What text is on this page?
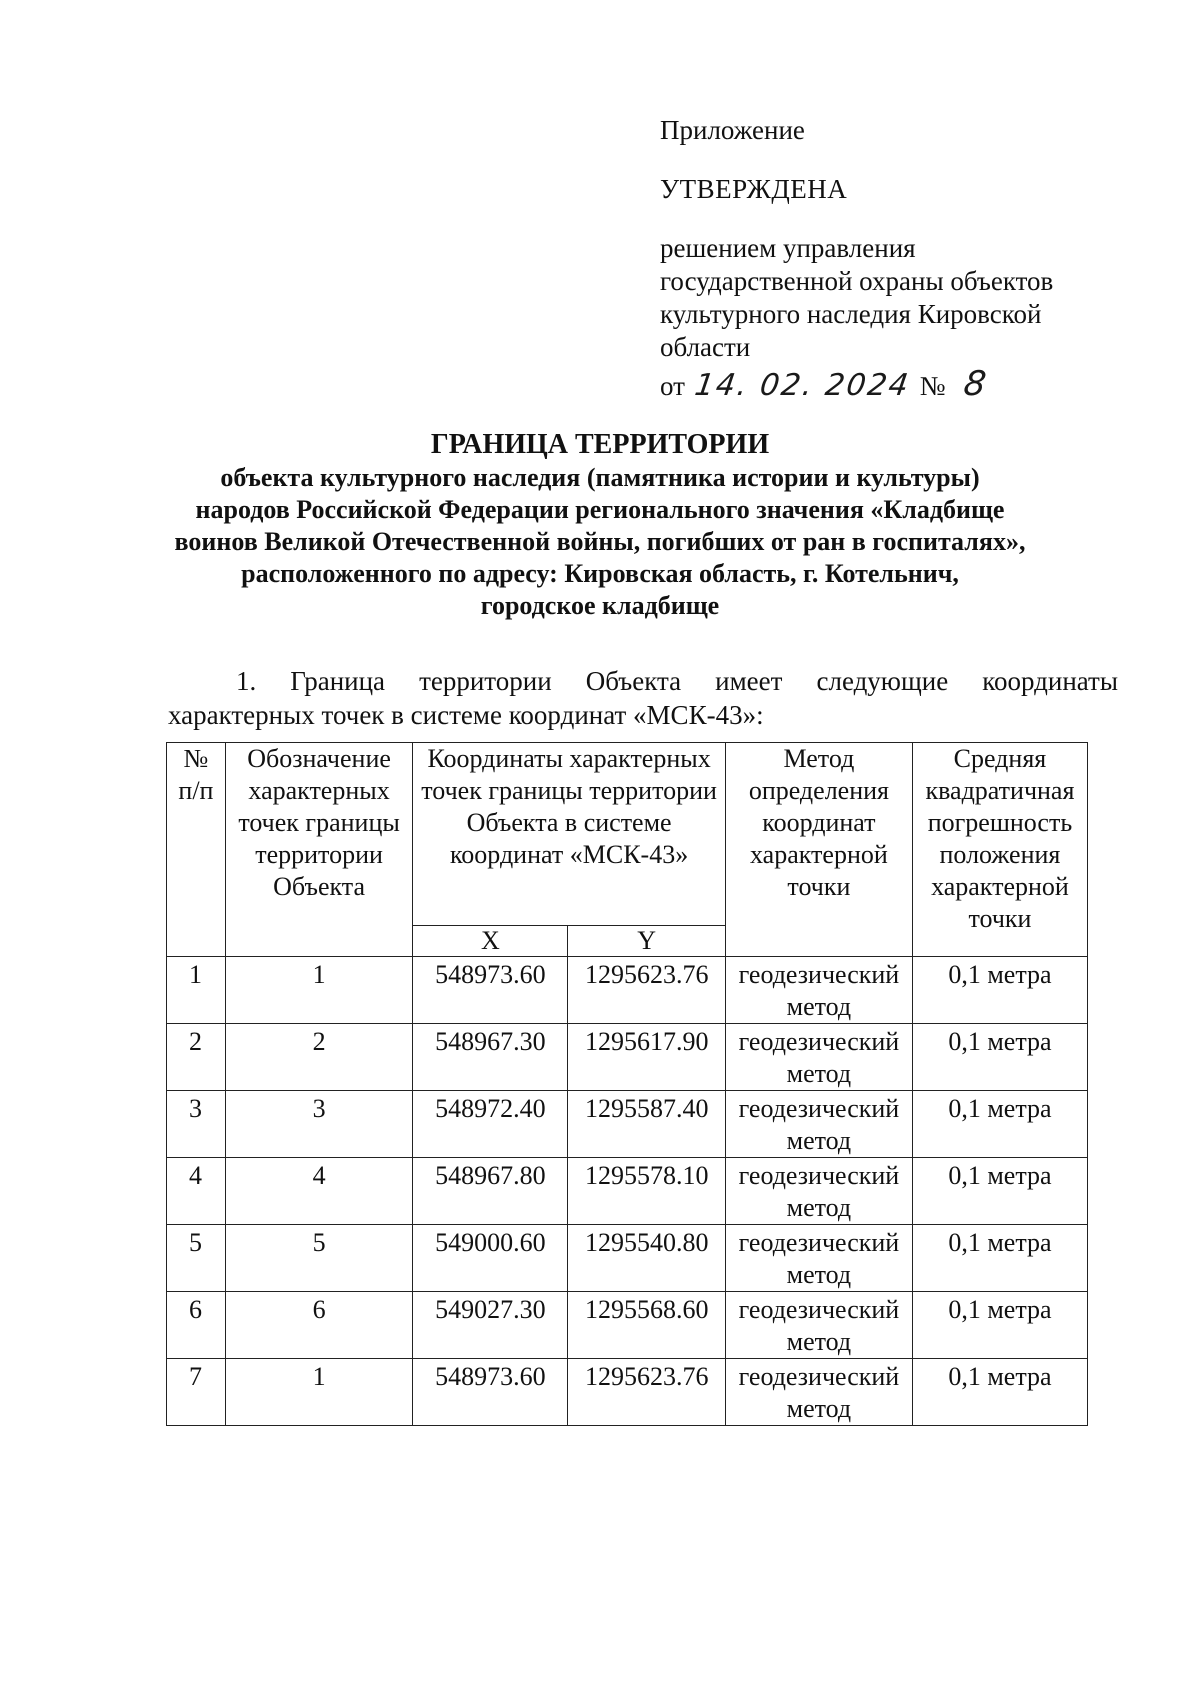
Приложение
УТВЕРЖДЕНА
решением управления
государственной охраны объектов
культурного наследия Кировской
области
от 14. 02. 2024 № 8
ГРАНИЦА ТЕРРИТОРИИ
объекта культурного наследия (памятника истории и культуры)
народов Российской Федерации регионального значения «Кладбище
воинов Великой Отечественной войны, погибших от ран в госпиталях»,
расположенного по адресу: Кировская область, г. Котельнич,
городское кладбище
1. Граница территории Объекта имеет следующие координаты
характерных точек в системе координат «МСК-43»:
№ п/п	Обозначение характерных точек границы территории Объекта	Координаты характерных точек границы территории Объекта в системе координат «МСК-43»		Метод определения координат характерной точки	Средняя квадратичная погрешность положения характерной точки
		X	Y		
1	1	548973.60	1295623.76	геодезический метод	0,1 метра
2	2	548967.30	1295617.90	геодезический метод	0,1 метра
3	3	548972.40	1295587.40	геодезический метод	0,1 метра
4	4	548967.80	1295578.10	геодезический метод	0,1 метра
5	5	549000.60	1295540.80	геодезический метод	0,1 метра
6	6	549027.30	1295568.60	геодезический метод	0,1 метра
7	1	548973.60	1295623.76	геодезический метод	0,1 метра
